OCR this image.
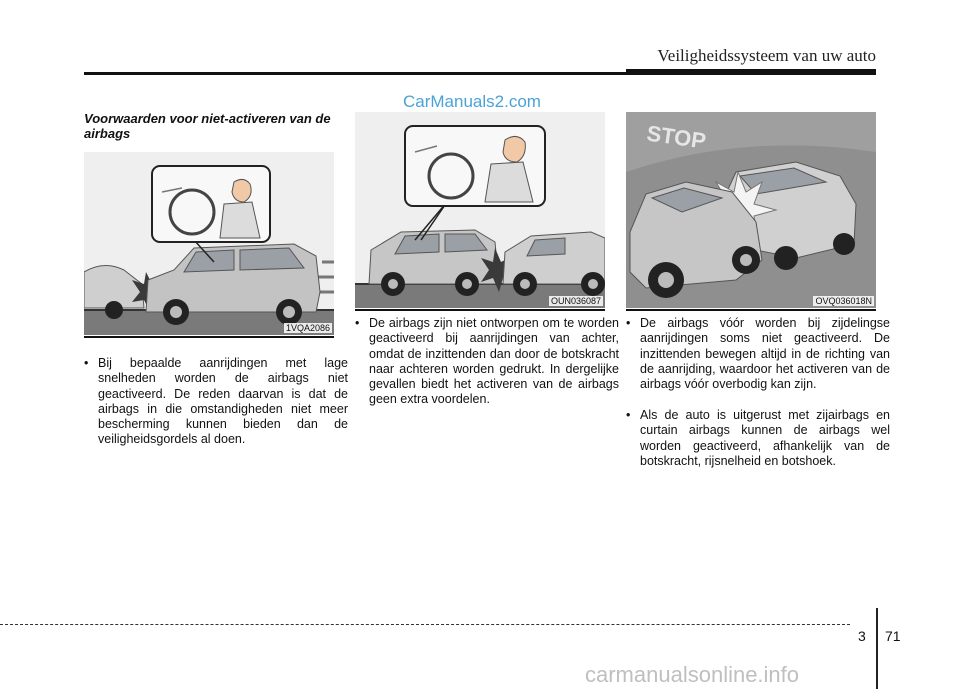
Veiligheidssysteem van uw auto
Voorwaarden voor niet-activeren van de airbags
CarManuals2.com
1VQA2086
OUN036087
STOP
OVQ036018N
• Bij bepaalde aanrijdingen met lage snelheden worden de airbags niet geactiveerd. De reden daarvan is dat de airbags in die omstandigheden niet meer bescherming kunnen bieden dan de veiligheidsgordels al doen.
• De airbags zijn niet ontworpen om te worden geactiveerd bij aanrijdingen van achter, omdat de inzittenden dan door de botskracht naar achteren worden gedrukt. In dergelijke gevallen biedt het activeren van de airbags geen extra voordelen.
• De airbags vóór worden bij zijdelingse aanrijdingen soms niet geactiveerd. De inzittenden bewegen altijd in de richting van de aanrijding, waardoor het activeren van de airbags vóór overbodig kan zijn.
• Als de auto is uitgerust met zijairbags en curtain airbags kunnen de airbags wel worden geactiveerd, afhankelijk van de botskracht, rijsnelheid en botshoek.
3 71
carmanualsonline.info
